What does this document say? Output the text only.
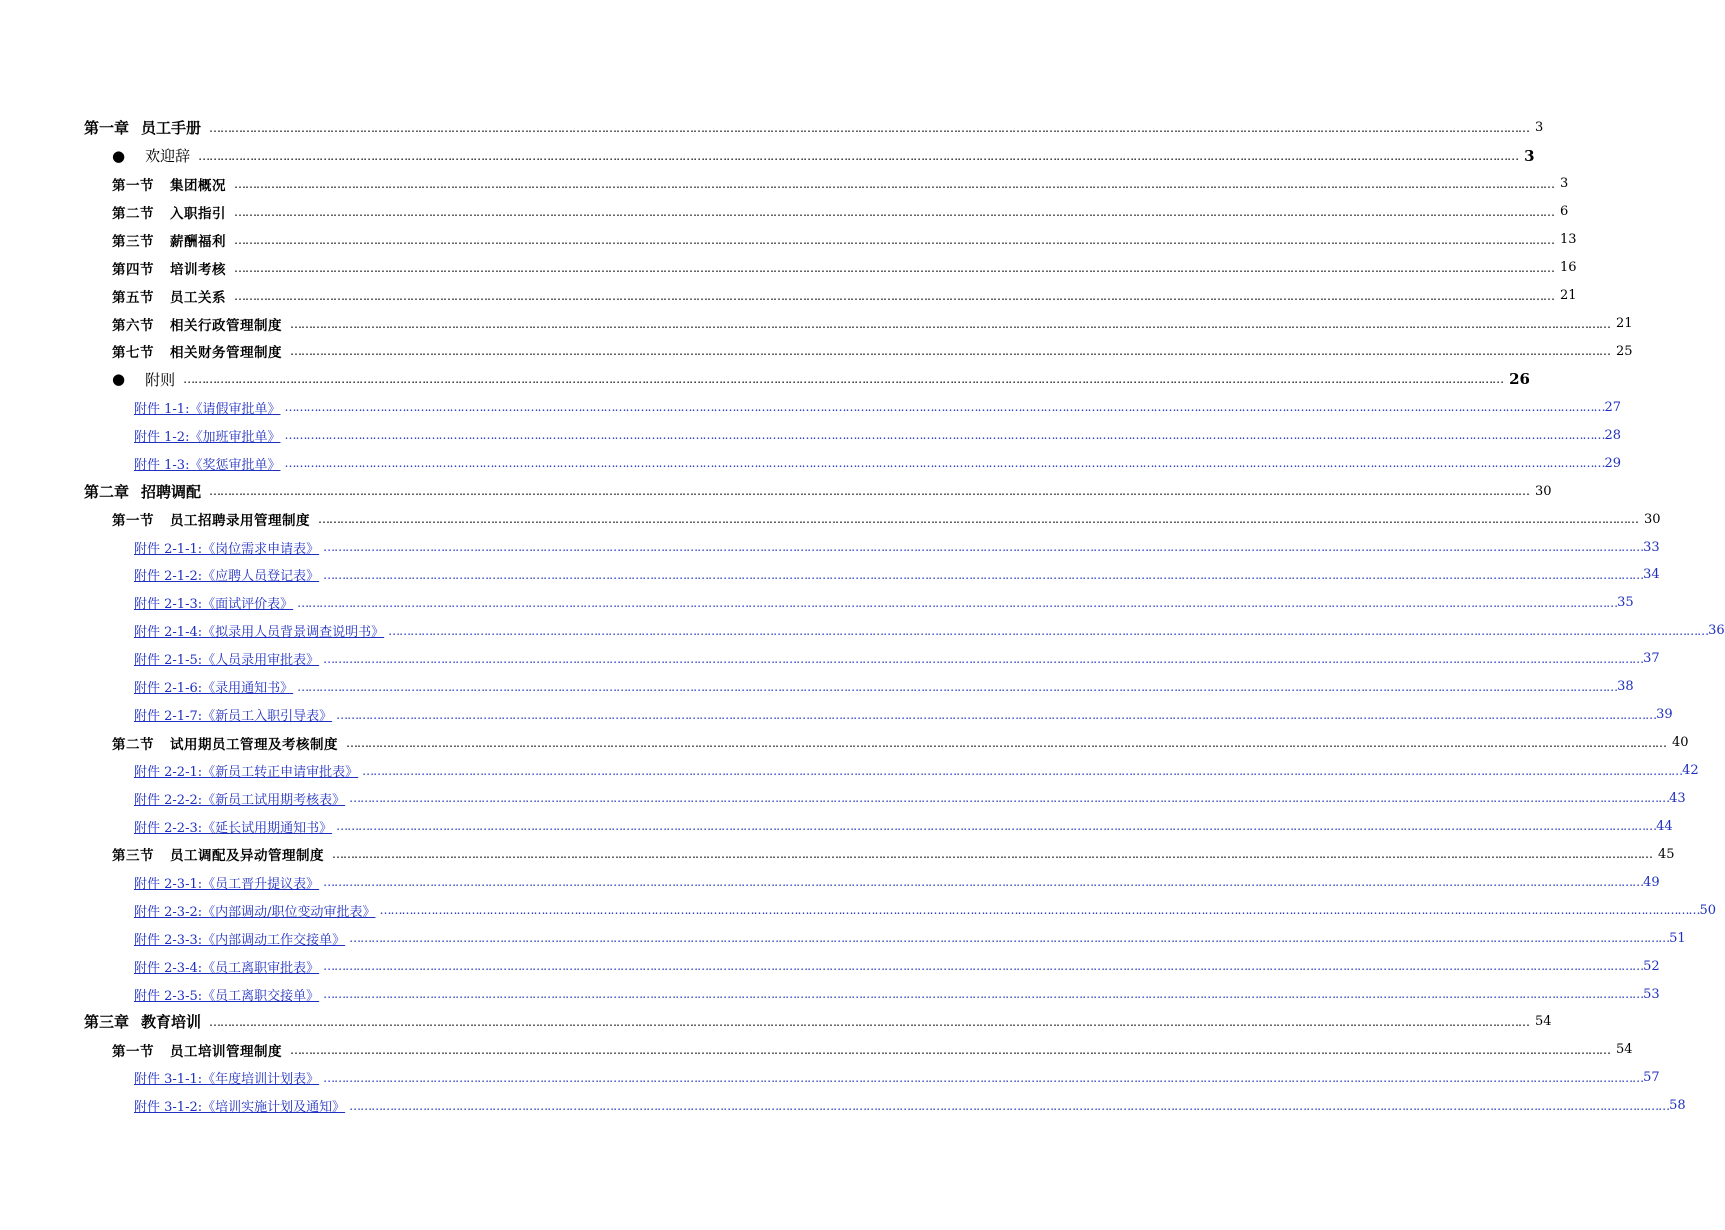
第一章 员工手册 ……………………………………………………………………………………………………………………………………………………………………………………………………………………………………………………………………………………………………………………………… 3
● 欢迎辞 ……………………………………………………………………………………………………………………………………………………………………………………………………………………………………………………………………………………………………………………………… 3
第一节 集团概况 ……………………………………………………………………………………………………………………………………………………………………………………………………………………………………………………………………………………………………………………………… 3
第二节 入职指引 ……………………………………………………………………………………………………………………………………………………………………………………………………………………………………………………………………………………………………………………………… 6
第三节 薪酬福利 ……………………………………………………………………………………………………………………………………………………………………………………………………………………………………………………………………………………………………………………………… 13
第四节 培训考核 ……………………………………………………………………………………………………………………………………………………………………………………………………………………………………………………………………………………………………………………………… 16
第五节 员工关系 ……………………………………………………………………………………………………………………………………………………………………………………………………………………………………………………………………………………………………………………………… 21
第六节 相关行政管理制度 ……………………………………………………………………………………………………………………………………………………………………………………………………………………………………………………………………………………………………………………………… 21
第七节 相关财务管理制度 ……………………………………………………………………………………………………………………………………………………………………………………………………………………………………………………………………………………………………………………………… 25
● 附则 ……………………………………………………………………………………………………………………………………………………………………………………………………………………………………………………………………………………………………………………………… 26
附件 1-1:《请假审批单》 ……………………………………………………………………………………………………………………………………………………………………………………………………………………………………………………………………………………………………………………………… 27
附件 1-2:《加班审批单》 ……………………………………………………………………………………………………………………………………………………………………………………………………………………………………………………………………………………………………………………………… 28
附件 1-3:《奖惩审批单》 ……………………………………………………………………………………………………………………………………………………………………………………………………………………………………………………………………………………………………………………………… 29
第二章 招聘调配 ……………………………………………………………………………………………………………………………………………………………………………………………………………………………………………………………………………………………………………………………… 30
第一节 员工招聘录用管理制度 ……………………………………………………………………………………………………………………………………………………………………………………………………………………………………………………………………………………………………………………………… 30
附件 2-1-1:《岗位需求申请表》 ……………………………………………………………………………………………………………………………………………………………………………………………………………………………………………………………………………………………………………………………… 33
附件 2-1-2:《应聘人员登记表》 ……………………………………………………………………………………………………………………………………………………………………………………………………………………………………………………………………………………………………………………………… 34
附件 2-1-3:《面试评价表》 ……………………………………………………………………………………………………………………………………………………………………………………………………………………………………………………………………………………………………………………………… 35
附件 2-1-4:《拟录用人员背景调查说明书》 ……………………………………………………………………………………………………………………………………………………………………………………………………………………………………………………………………………………………………………………………… 36
附件 2-1-5:《人员录用审批表》 ……………………………………………………………………………………………………………………………………………………………………………………………………………………………………………………………………………………………………………………………… 37
附件 2-1-6:《录用通知书》 ……………………………………………………………………………………………………………………………………………………………………………………………………………………………………………………………………………………………………………………………… 38
附件 2-1-7:《新员工入职引导表》 ……………………………………………………………………………………………………………………………………………………………………………………………………………………………………………………………………………………………………………………………… 39
第二节 试用期员工管理及考核制度 ……………………………………………………………………………………………………………………………………………………………………………………………………………………………………………………………………………………………………………………………… 40
附件 2-2-1:《新员工转正申请审批表》 ……………………………………………………………………………………………………………………………………………………………………………………………………………………………………………………………………………………………………………………………… 42
附件 2-2-2:《新员工试用期考核表》 ……………………………………………………………………………………………………………………………………………………………………………………………………………………………………………………………………………………………………………………………… 43
附件 2-2-3:《延长试用期通知书》 ……………………………………………………………………………………………………………………………………………………………………………………………………………………………………………………………………………………………………………………………… 44
第三节 员工调配及异动管理制度 ……………………………………………………………………………………………………………………………………………………………………………………………………………………………………………………………………………………………………………………………… 45
附件 2-3-1:《员工晋升提议表》 ……………………………………………………………………………………………………………………………………………………………………………………………………………………………………………………………………………………………………………………………… 49
附件 2-3-2:《内部调动/职位变动审批表》 ……………………………………………………………………………………………………………………………………………………………………………………………………………………………………………………………………………………………………………………………… 50
附件 2-3-3:《内部调动工作交接单》 ……………………………………………………………………………………………………………………………………………………………………………………………………………………………………………………………………………………………………………………………… 51
附件 2-3-4:《员工离职审批表》 ……………………………………………………………………………………………………………………………………………………………………………………………………………………………………………………………………………………………………………………………… 52
附件 2-3-5:《员工离职交接单》 ……………………………………………………………………………………………………………………………………………………………………………………………………………………………………………………………………………………………………………………………… 53
第三章 教育培训 ……………………………………………………………………………………………………………………………………………………………………………………………………………………………………………………………………………………………………………………………… 54
第一节 员工培训管理制度 ……………………………………………………………………………………………………………………………………………………………………………………………………………………………………………………………………………………………………………………………… 54
附件 3-1-1:《年度培训计划表》 ……………………………………………………………………………………………………………………………………………………………………………………………………………………………………………………………………………………………………………………………… 57
附件 3-1-2:《培训实施计划及通知》 ……………………………………………………………………………………………………………………………………………………………………………………………………………………………………………………………………………………………………………………………… 58
